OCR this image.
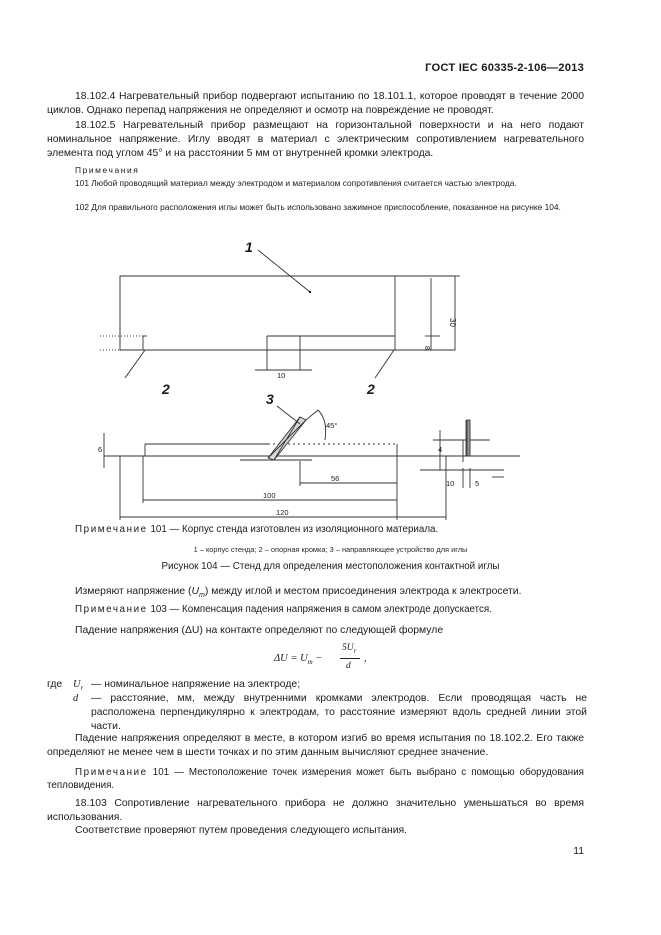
ГОСТ IEC 60335-2-106—2013
18.102.4 Нагревательный прибор подвергают испытанию по 18.101.1, которое проводят в течение 2000 циклов. Однако перепад напряжения не определяют и осмотр на повреждение не проводят.
18.102.5 Нагревательный прибор размещают на горизонтальной поверхности и на него подают номинальное напряжение. Иглу вводят в материал с электрическим сопротивлением нагревательного элемента под углом 45° и на расстоянии 5 мм от внутренней кромки электрода.
Примечания
101 Любой проводящий материал между электродом и материалом сопротивления считается частью электрода.
102 Для правильного расположения иглы может быть использовано зажимное приспособление, показанное на рисунке 104.
1
2	2
3
30
8
10
6
56
100
120
45°
4
10	5
Примечание 101 — Корпус стенда изготовлен из изоляционного материала.
1 – корпус стенда; 2 – опорная кромка; 3 – направляющее устройство для иглы
Рисунок 104 — Стенд для определения местоположения контактной иглы
Измеряют напряжение $(U_m)$ между иглой и местом присоединения электрода к электросети.
Примечание 103 — Компенсация падения напряжения в самом электроде допускается.
Падение напряжения (ΔU) на контакте определяют по следующей формуле
$\Delta U = U_m$ −
$5U_r$
d
,
где $U_r$ — номинальное напряжение на электроде;
d — расстояние, мм, между внутренними кромками электродов. Если проводящая часть не расположена перпендикулярно к электродам, то расстояние измеряют вдоль средней линии этой части.
Падение напряжения определяют в месте, в котором изгиб во время испытания по 18.102.2. Его также определяют не менее чем в шести точках и по этим данным вычисляют среднее значение.
Примечание 101 — Местоположение точек измерения может быть выбрано с помощью оборудования тепловидения.
18.103 Сопротивление нагревательного прибора не должно значительно уменьшаться во время использования.
Соответствие проверяют путем проведения следующего испытания.
11
